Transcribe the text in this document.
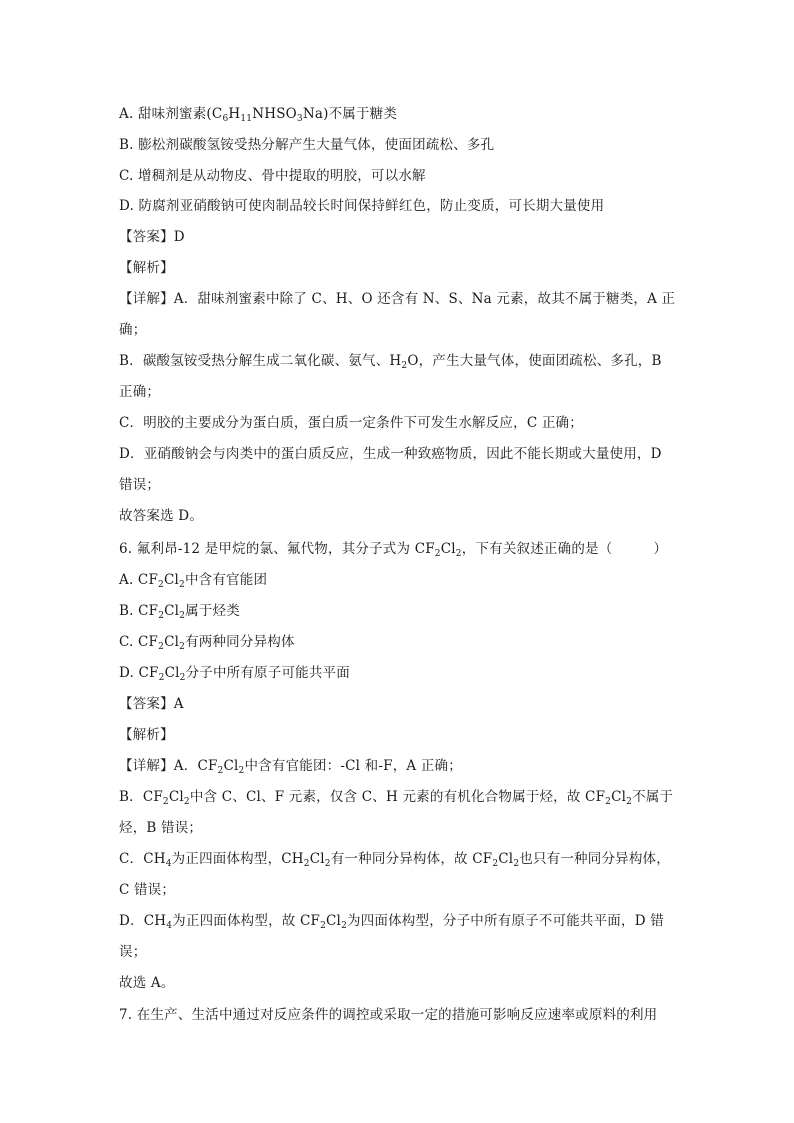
A. 甜味剂蜜素$(C_6H_{11}NHSO_3Na)$不属于糖类
B. 膨松剂碳酸氢铵受热分解产生大量气体，使面团疏松、多孔
C. 增稠剂是从动物皮、骨中提取的明胶，可以水解
D. 防腐剂亚硝酸钠可使肉制品较长时间保持鲜红色，防止变质，可长期大量使用
【答案】D
【解析】
【详解】A．甜味剂蜜素中除了 C、H、O 还含有 N、S、Na 元素，故其不属于糖类，A 正
确；
B．碳酸氢铵受热分解生成二氧化碳、氨气、$H_2O$，产生大量气体，使面团疏松、多孔，B
正确；
C．明胶的主要成分为蛋白质，蛋白质一定条件下可发生水解反应，C 正确；
D．亚硝酸钠会与肉类中的蛋白质反应，生成一种致癌物质，因此不能长期或大量使用，D
错误；
故答案选 D。
6. 氟利昂-12 是甲烷的氯、氟代物，其分子式为 $CF_2Cl_2$，下有关叙述正确的是（　　　）
A. $CF_2Cl_2$中含有官能团
B. $CF_2Cl_2$属于烃类
C. $CF_2Cl_2$有两种同分异构体
D. $CF_2Cl_2$分子中所有原子可能共平面
【答案】A
【解析】
【详解】A．$CF_2Cl_2$中含有官能团：-Cl 和-F，A 正确；
B．$CF_2Cl_2$中含 C、Cl、F 元素，仅含 C、H 元素的有机化合物属于烃，故 $CF_2Cl_2$不属于
烃，B 错误；
C．$CH_4$为正四面体构型，$CH_2Cl_2$有一种同分异构体，故 $CF_2Cl_2$也只有一种同分异构体，
C 错误；
D．$CH_4$为正四面体构型，故 $CF_2Cl_2$为四面体构型，分子中所有原子不可能共平面，D 错
误；
故选 A。
7. 在生产、生活中通过对反应条件的调控或采取一定的措施可影响反应速率或原料的利用
